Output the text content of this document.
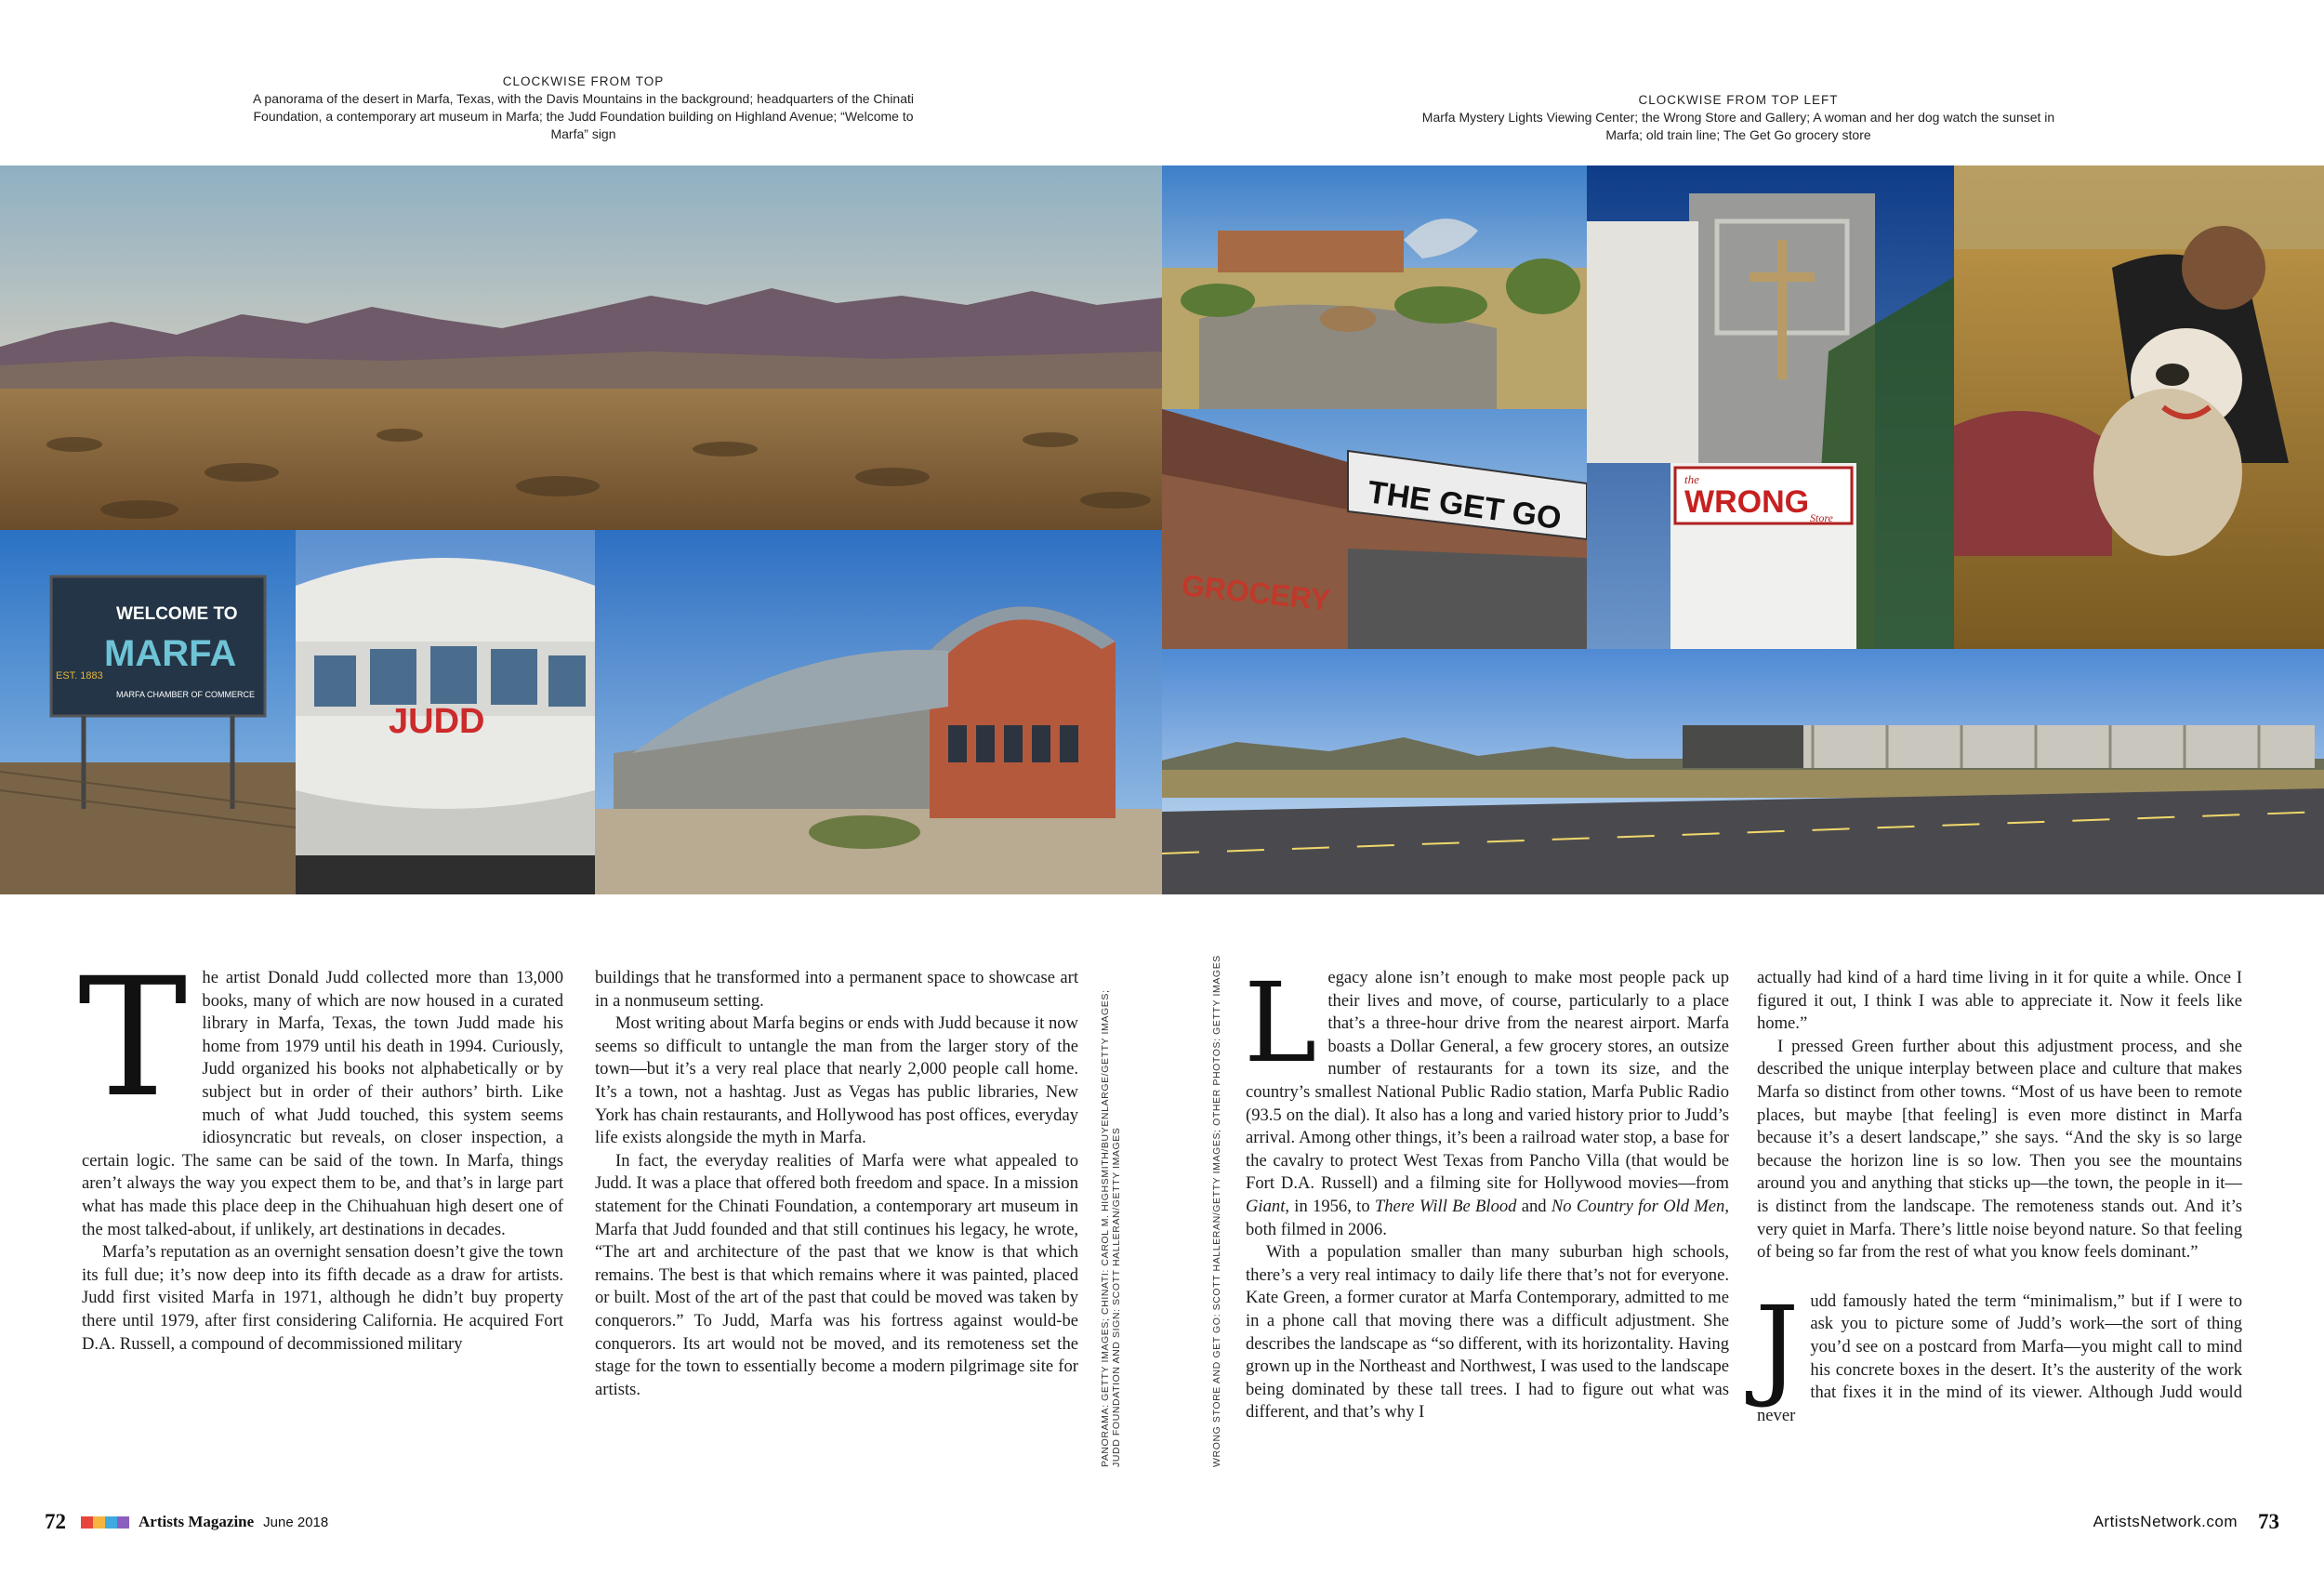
CLOCKWISE FROM TOP
A panorama of the desert in Marfa, Texas, with the Davis Mountains in the background; headquarters of the Chinati Foundation, a contemporary art museum in Marfa; the Judd Foundation building on Highland Avenue; “Welcome to Marfa” sign
CLOCKWISE FROM TOP LEFT
Marfa Mystery Lights Viewing Center; the Wrong Store and Gallery; A woman and her dog watch the sunset in Marfa; old train line; The Get Go grocery store
WELCOME TO
MARFA
EST. 1883
MARFA CHAMBER OF COMMERCE
JUDD
the
WRONG Store
THE GET GO
GROCERY
T he artist Donald Judd collected more than 13,000 books, many of which are now housed in a curated library in Marfa, Texas, the town Judd made his home from 1979 until his death in 1994. Curiously, Judd organized his books not alphabetically or by subject but in order of their authors’ birth. Like much of what Judd touched, this system seems idiosyncratic but reveals, on closer inspection, a certain logic. The same can be said of the town. In Marfa, things aren’t always the way you expect them to be, and that’s in large part what has made this place deep in the Chihuahuan high desert one of the most talked-about, if unlikely, art destinations in decades.

Marfa’s reputation as an overnight sensation doesn’t give the town its full due; it’s now deep into its fifth decade as a draw for artists. Judd first visited Marfa in 1971, although he didn’t buy property there until 1979, after first considering California. He acquired Fort D.A. Russell, a compound of decommissioned military

buildings that he transformed into a permanent space to showcase art in a nonmuseum setting.

Most writing about Marfa begins or ends with Judd because it now seems so difficult to untangle the man from the larger story of the town—but it’s a very real place that nearly 2,000 people call home. It’s a town, not a hashtag. Just as Vegas has public libraries, New York has chain restaurants, and Hollywood has post offices, everyday life exists alongside the myth in Marfa.

In fact, the everyday realities of Marfa were what appealed to Judd. It was a place that offered both freedom and space. In a mission statement for the Chinati Foundation, a contemporary art museum in Marfa that Judd founded and that still continues his legacy, he wrote, “The art and architecture of the past that we know is that which remains. The best is that which remains where it was painted, placed or built. Most of the art of the past that could be moved was taken by conquerors.” To Judd, Marfa was his fortress against would-be conquerors. Its art would not be moved, and its remoteness set the stage for the town to essentially become a modern pilgrimage site for artists.

Legacy alone isn’t enough to make most people pack up their lives and move, of course, particularly to a place that’s a three-hour drive from the nearest airport. Marfa boasts a Dollar General, a few grocery stores, an outsize number of restaurants for a town its size, and the country’s smallest National Public Radio station, Marfa Public Radio (93.5 on the dial). It also has a long and varied history prior to Judd’s arrival. Among other things, it’s been a railroad water stop, a base for the cavalry to protect West Texas from Pancho Villa (that would be Fort D.A. Russell) and a filming site for Hollywood movies—from Giant, in 1956, to There Will Be Blood and No Country for Old Men, both filmed in 2006.

With a population smaller than many suburban high schools, there’s a very real intimacy to daily life there that’s not for everyone. Kate Green, a former curator at Marfa Contemporary, admitted to me in a phone call that moving there was a difficult adjustment. She describes the landscape as “so different, with its horizontality. Having grown up in the Northeast and Northwest, I was used to the landscape being dominated by these tall trees. I had to figure out what was different, and that’s why I

actually had kind of a hard time living in it for quite a while. Once I figured it out, I think I was able to appreciate it. Now it feels like home.”

I pressed Green further about this adjustment process, and she described the unique interplay between place and culture that makes Marfa so distinct from other towns. “Most of us have been to remote places, but maybe [that feeling] is even more distinct in Marfa because it’s a desert landscape,” she says. “And the sky is so large because the horizon line is so low. Then you see the mountains around you and anything that sticks up—the town, the people in it—is distinct from the landscape. The remoteness stands out. And it’s very quiet in Marfa. There’s little noise beyond nature. So that feeling of being so far from the rest of what you know feels dominant.”

Judd famously hated the term “minimalism,” but if I were to ask you to picture some of Judd’s work—the sort of thing you’d see on a postcard from Marfa—you might call to mind his concrete boxes in the desert. It’s the austerity of the work that fixes it in the mind of its viewer. Although Judd would never

PANORAMA: GETTY IMAGES; CHINATI: CAROL M. HIGHSMITH/BUYENLARGE/GETTY IMAGES; JUDD FOUNDATION AND SIGN: SCOTT HALLERAN/GETTY IMAGES	WRONG STORE AND GET GO: SCOTT HALLERAN/GETTY IMAGES; OTHER PHOTOS: GETTY IMAGES
72	Artists Magazine June 2018	ArtistsNetwork.com 73
